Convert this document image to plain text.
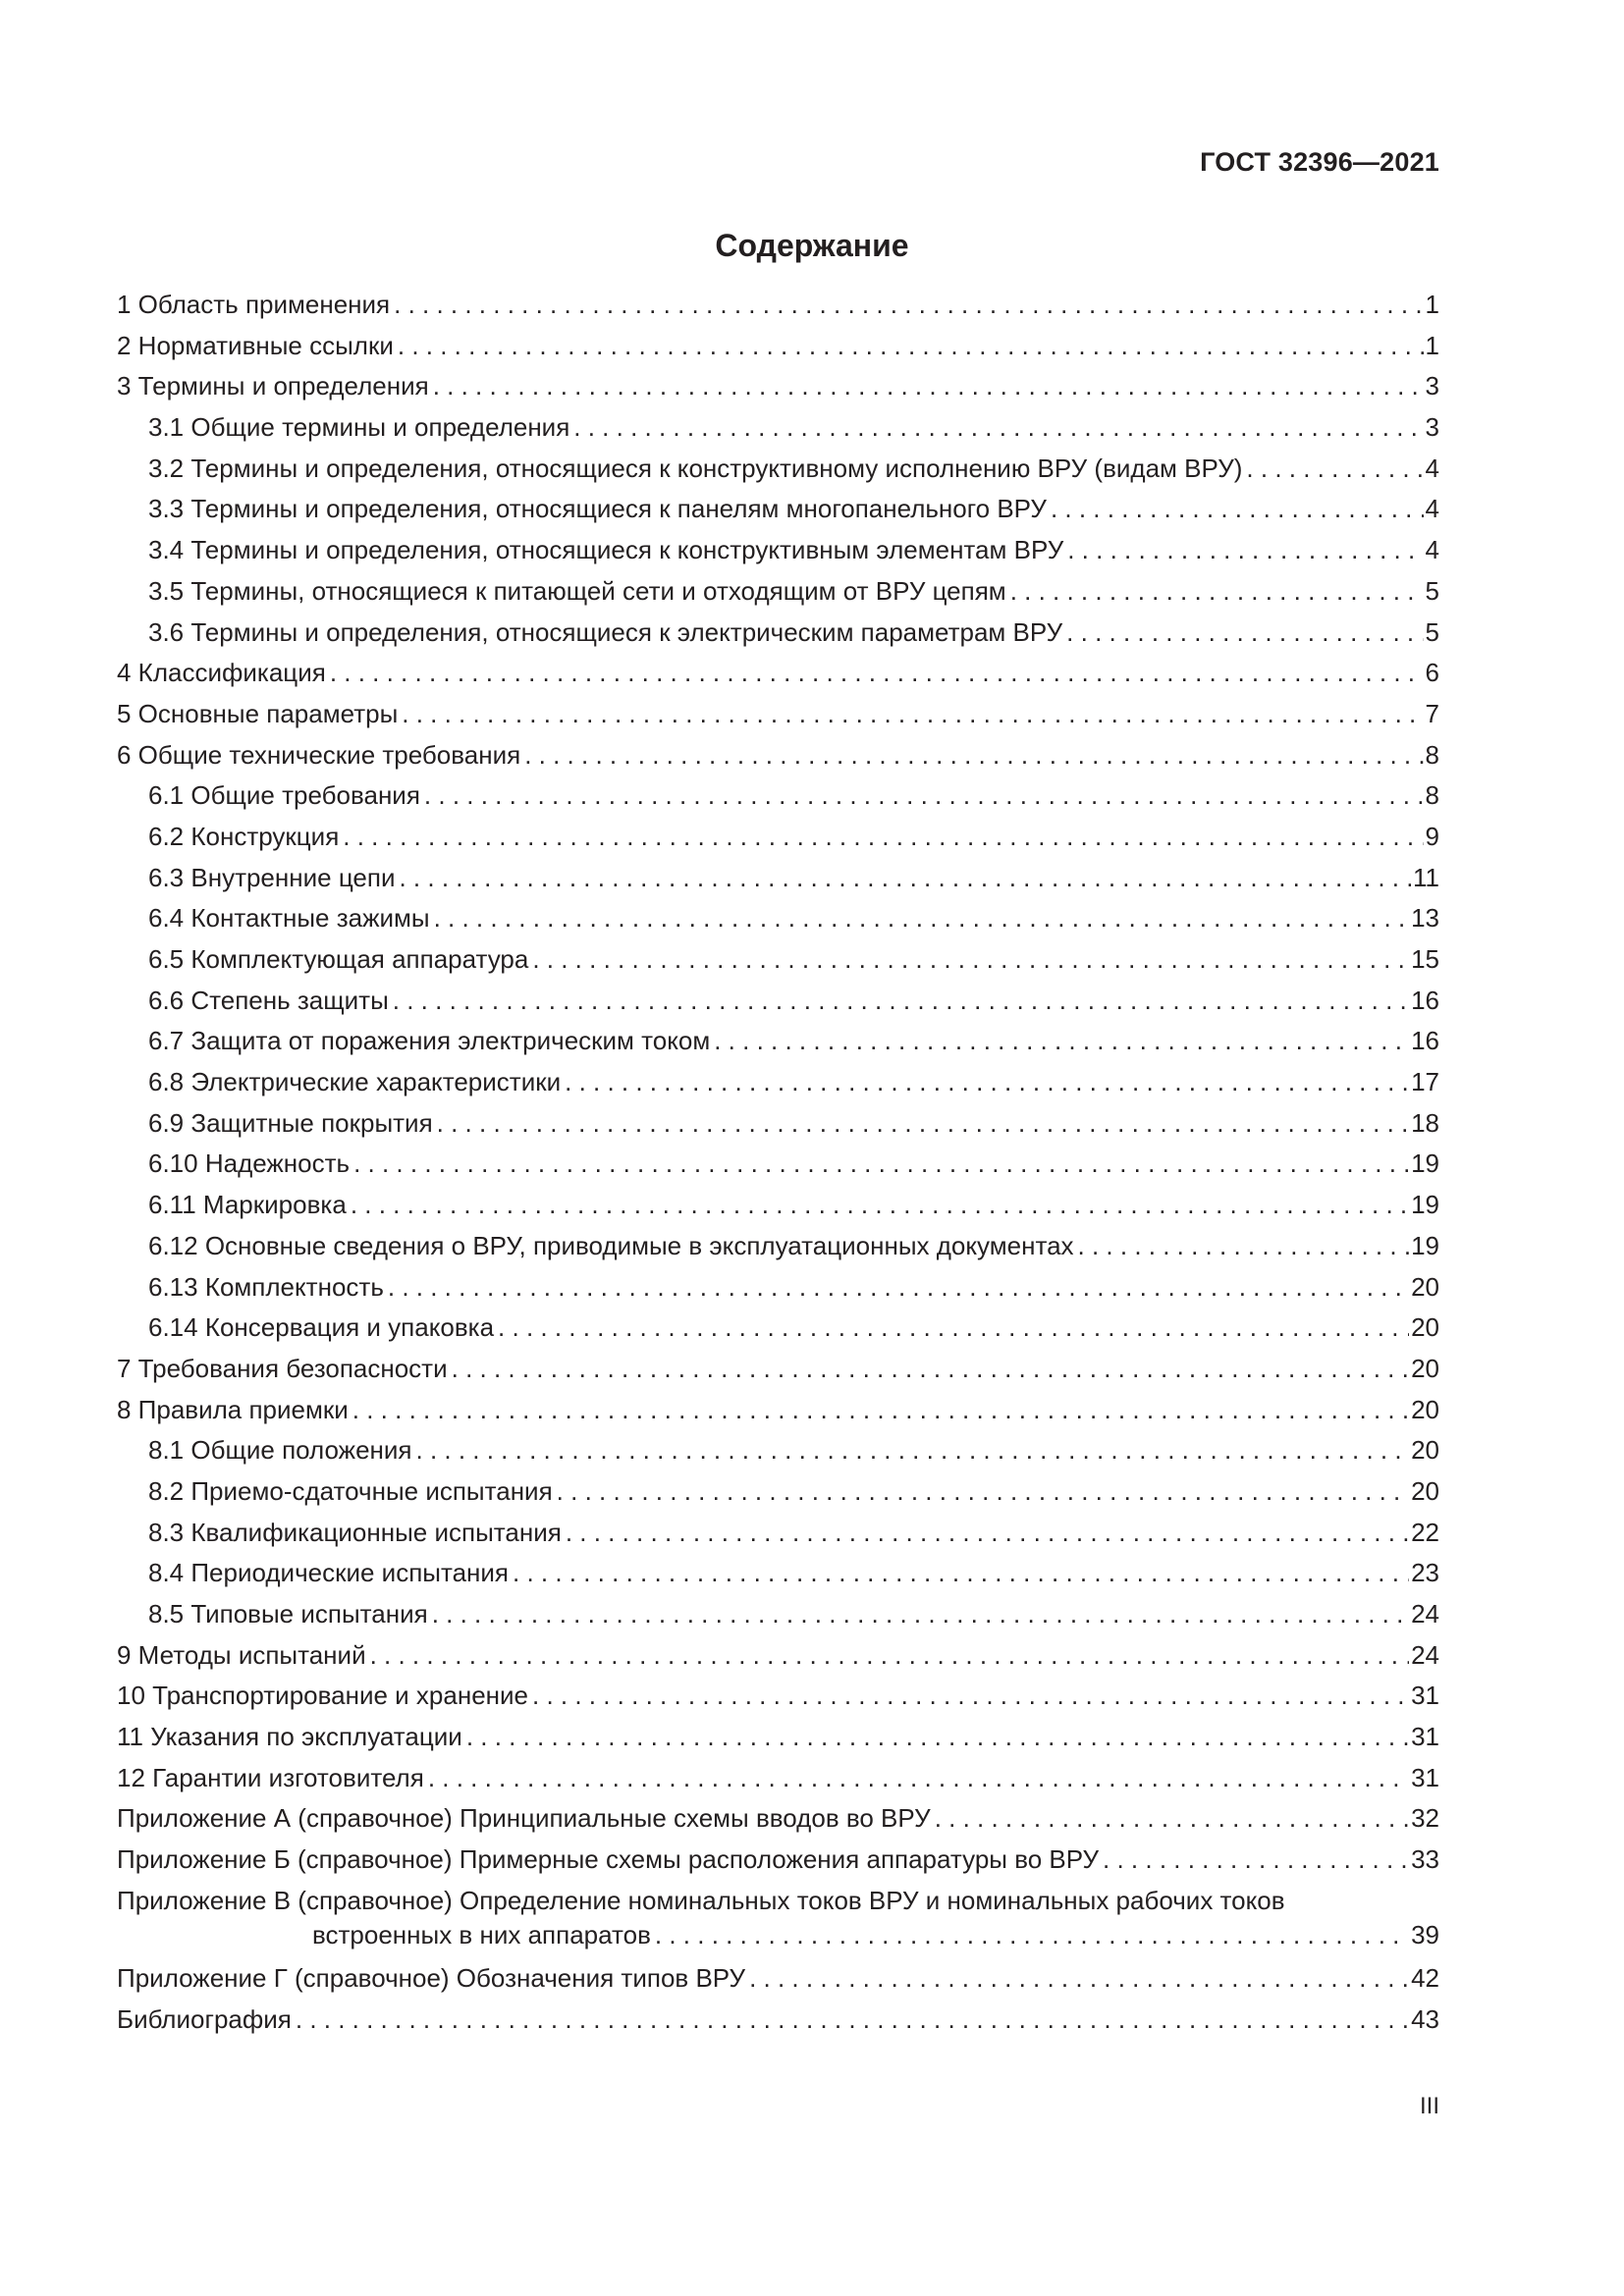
ГОСТ 32396—2021
Содержание
1 Область применения . . .	1
2 Нормативные ссылки . . .	1
3 Термины и определения . . .	3
3.1 Общие термины и определения . . .	3
3.2 Термины и определения, относящиеся к конструктивному исполнению ВРУ (видам ВРУ) . . .	4
3.3 Термины и определения, относящиеся к панелям многопанельного ВРУ . . .	4
3.4 Термины и определения, относящиеся к конструктивным элементам ВРУ . . .	4
3.5 Термины, относящиеся к питающей сети и отходящим от ВРУ цепям . . .	5
3.6 Термины и определения, относящиеся к электрическим параметрам ВРУ . . .	5
4 Классификация . . .	6
5 Основные параметры . . .	7
6 Общие технические требования . . .	8
6.1 Общие требования . . .	8
6.2 Конструкция . . .	9
6.3 Внутренние цепи . . .	11
6.4 Контактные зажимы . . .	13
6.5 Комплектующая аппаратура . . .	15
6.6 Степень защиты . . .	16
6.7 Защита от поражения электрическим током . . .	16
6.8 Электрические характеристики . . .	17
6.9 Защитные покрытия . . .	18
6.10 Надежность . . .	19
6.11 Маркировка . . .	19
6.12 Основные сведения о ВРУ, приводимые в эксплуатационных документах . . .	19
6.13 Комплектность . . .	20
6.14 Консервация и упаковка . . .	20
7 Требования безопасности . . .	20
8 Правила приемки . . .	20
8.1 Общие положения . . .	20
8.2 Приемо-сдаточные испытания . . .	20
8.3 Квалификационные испытания . . .	22
8.4 Периодические испытания . . .	23
8.5 Типовые испытания . . .	24
9 Методы испытаний . . .	24
10 Транспортирование и хранение . . .	31
11 Указания по эксплуатации . . .	31
12 Гарантии изготовителя . . .	31
Приложение А (справочное) Принципиальные схемы вводов во ВРУ . . .	32
Приложение Б (справочное) Примерные схемы расположения аппаратуры во ВРУ . . .	33
Приложение В (справочное) Определение номинальных токов ВРУ и номинальных рабочих токов
встроенных в них аппаратов . . .	39
Приложение Г (справочное) Обозначения типов ВРУ . . .	42
Библиография . . .	43
III
